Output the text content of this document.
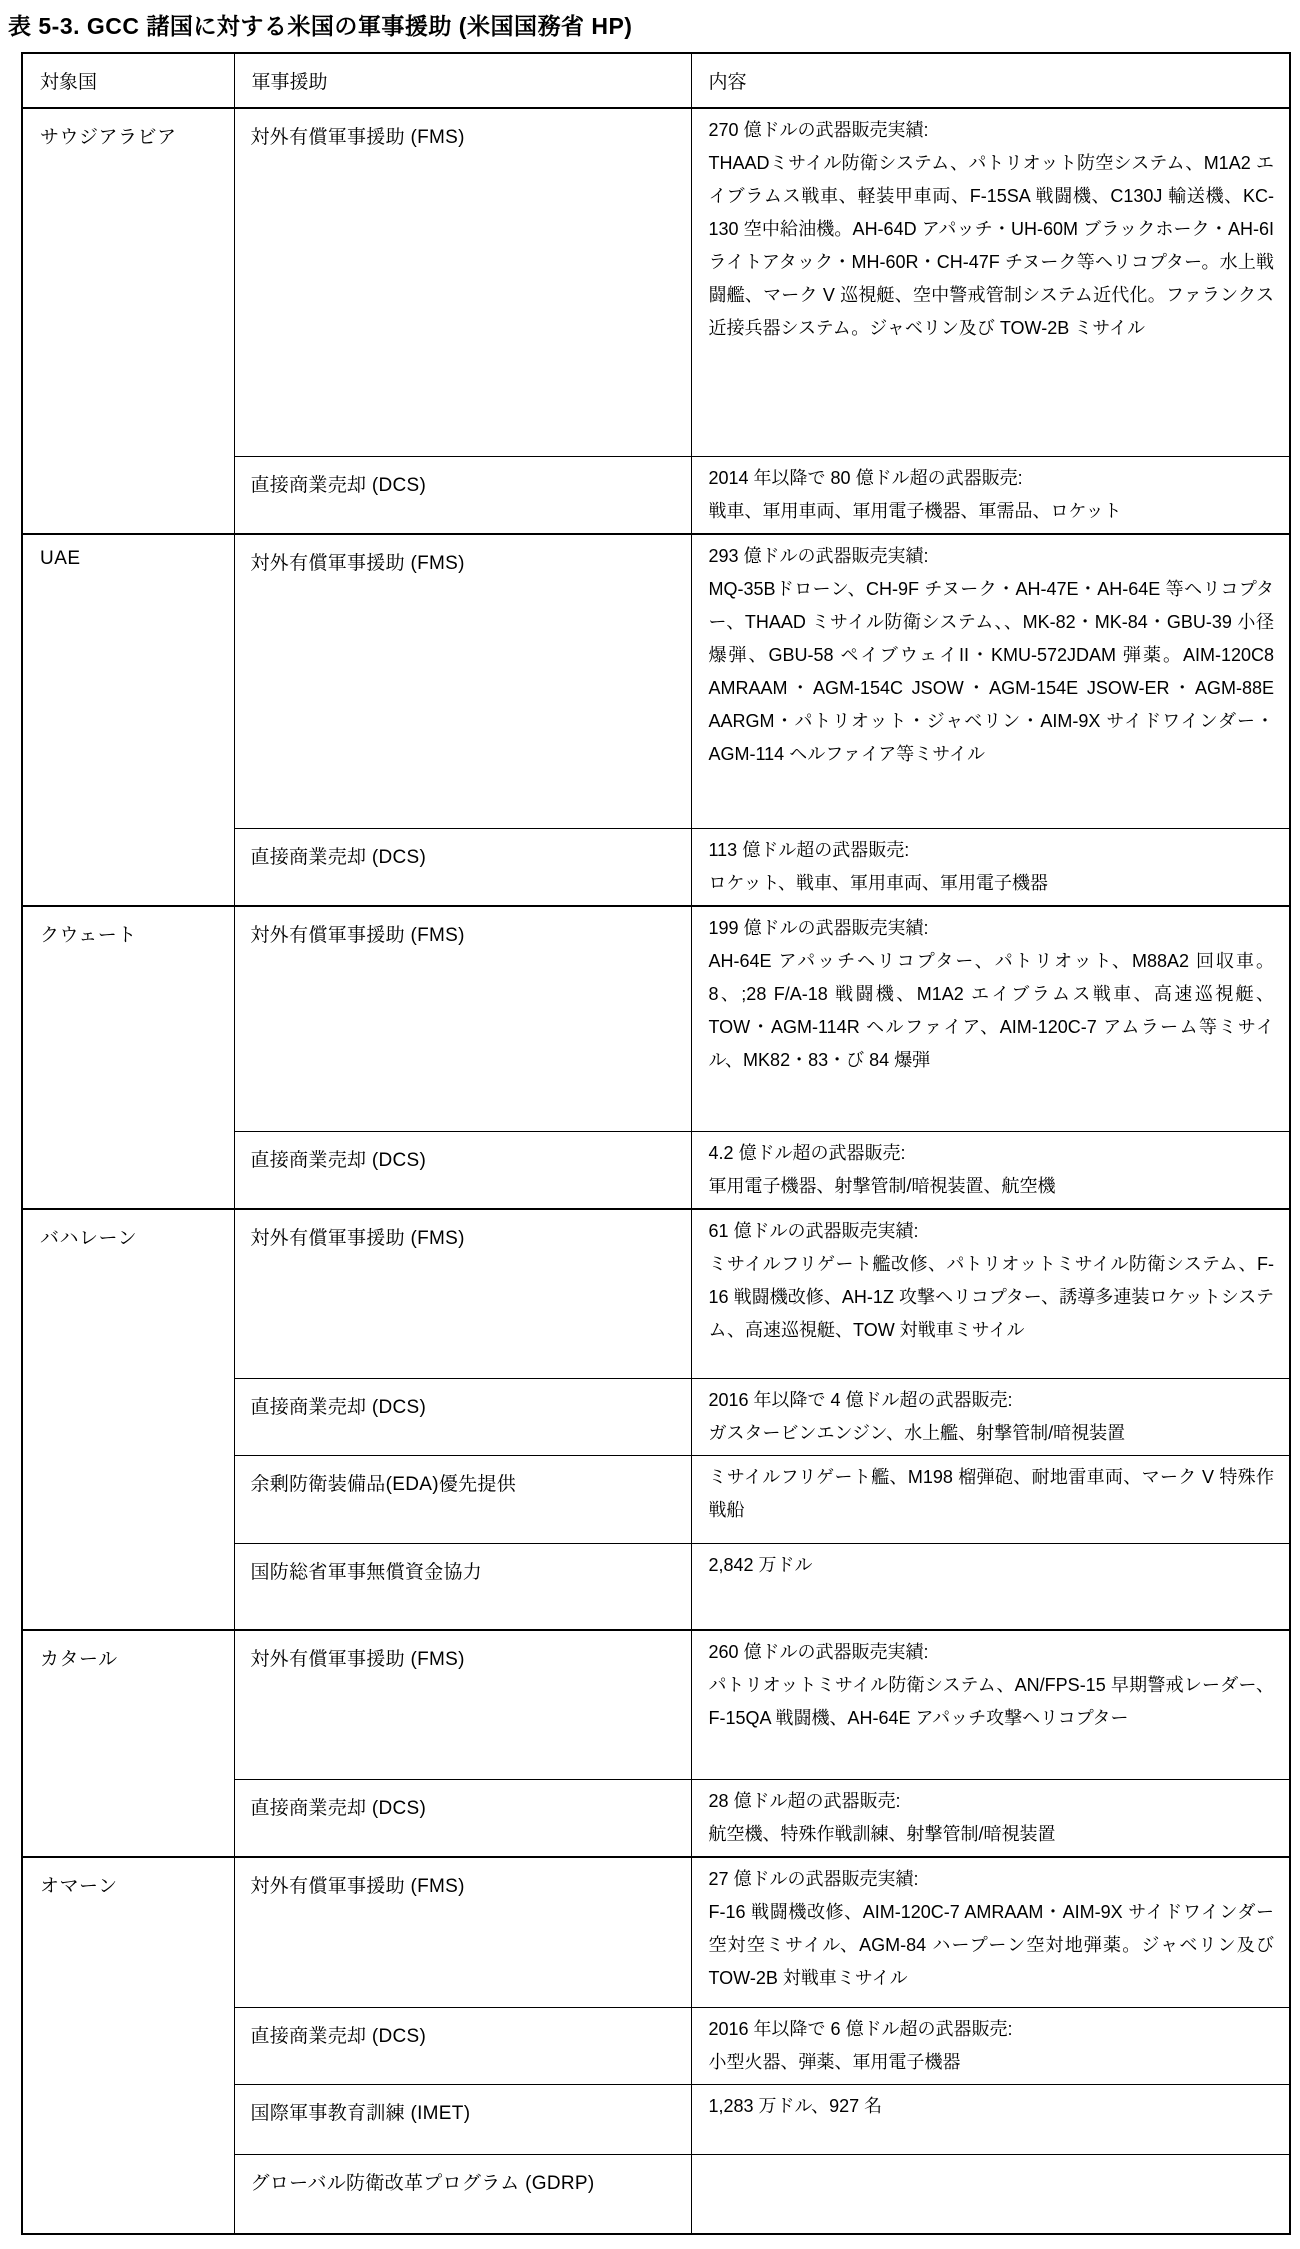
表 5-3. GCC 諸国に対する米国の軍事援助 (米国国務省 HP)
対象国	軍事援助	内容
サウジアラビア	対外有償軍事援助 (FMS)	270 億ドルの武器販売実績:
THAADミサイル防衛システム、パトリオット防空システム、M1A2 エイブラムス戦車、軽装甲車両、F-15SA 戦闘機、C130J 輸送機、KC-130 空中給油機。AH-64D アパッチ・UH-60M ブラックホーク・AH-6I ライトアタック・MH-60R・CH-47F チヌーク等ヘリコプター。水上戦闘艦、マーク V 巡視艇、空中警戒管制システム近代化。ファランクス近接兵器システム。ジャベリン及び TOW-2B ミサイル

	直接商業売却 (DCS)	2014 年以降で 80 億ドル超の武器販売:
戦車、軍用車両、軍用電子機器、軍需品、ロケット

UAE	対外有償軍事援助 (FMS)	293 億ドルの武器販売実績:
MQ-35Bドローン、CH-9F チヌーク・AH-47E・AH-64E 等ヘリコプター、THAAD ミサイル防衛システム、、MK-82・MK-84・GBU-39 小径爆弾、GBU-58 ペイブウェイII・KMU-572JDAM 弾薬。AIM-120C8 AMRAAM・AGM-154C JSOW・AGM-154E JSOW-ER・AGM-88E AARGM・パトリオット・ジャベリン・AIM-9X サイドワインダー・AGM-114 ヘルファイア等ミサイル

	直接商業売却 (DCS)	113 億ドル超の武器販売:
ロケット、戦車、軍用車両、軍用電子機器

クウェート	対外有償軍事援助 (FMS)	199 億ドルの武器販売実績:
AH-64E アパッチヘリコプター、パトリオット、M88A2 回収車。8、;28 F/A-18 戦闘機、M1A2 エイブラムス戦車、高速巡視艇、TOW・AGM-114R ヘルファイア、AIM-120C-7 アムラーム等ミサイル、MK82・83・び 84 爆弾

	直接商業売却 (DCS)	4.2 億ドル超の武器販売:
軍用電子機器、射撃管制/暗視装置、航空機

バハレーン	対外有償軍事援助 (FMS)	61 億ドルの武器販売実績:
ミサイルフリゲート艦改修、パトリオットミサイル防衛システム、F-16 戦闘機改修、AH-1Z 攻撃ヘリコプター、誘導多連装ロケットシステム、高速巡視艇、TOW 対戦車ミサイル

	直接商業売却 (DCS)	2016 年以降で 4 億ドル超の武器販売:
ガスタービンエンジン、水上艦、射撃管制/暗視装置

	余剰防衛装備品(EDA)優先提供	ミサイルフリゲート艦、M198 榴弾砲、耐地雷車両、マーク V 特殊作戦船

	国防総省軍事無償資金協力	2,842 万ドル

カタール	対外有償軍事援助 (FMS)	260 億ドルの武器販売実績:
パトリオットミサイル防衛システム、AN/FPS-15 早期警戒レーダー、F-15QA 戦闘機、AH-64E アパッチ攻撃ヘリコプター

	直接商業売却 (DCS)	28 億ドル超の武器販売:
航空機、特殊作戦訓練、射撃管制/暗視装置

オマーン	対外有償軍事援助 (FMS)	27 億ドルの武器販売実績:
F-16 戦闘機改修、AIM-120C-7 AMRAAM・AIM-9X サイドワインダー空対空ミサイル、AGM-84 ハープーン空対地弾薬。ジャベリン及び TOW-2B 対戦車ミサイル

	直接商業売却 (DCS)	2016 年以降で 6 億ドル超の武器販売:
小型火器、弾薬、軍用電子機器

	国際軍事教育訓練 (IMET)	1,283 万ドル、927 名

	グローバル防衛改革プログラム (GDRP)	
